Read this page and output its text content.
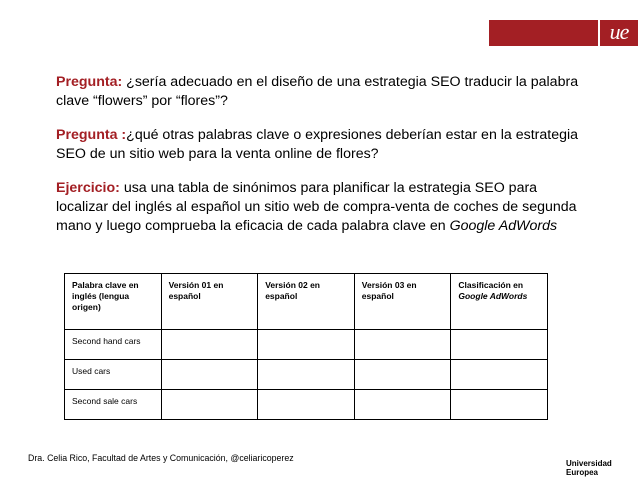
ue

Pregunta: ¿sería adecuado en el diseño de una estrategia SEO traducir la palabra clave “flowers” por “flores”?

Pregunta :¿qué otras palabras clave o expresiones deberían estar en la estrategia SEO de un sitio web para la venta online de flores?

Ejercicio: usa una tabla de sinónimos para planificar la estrategia SEO para localizar del inglés al español un sitio web de compra-venta de coches de segunda mano y luego comprueba la eficacia de cada palabra clave en Google AdWords

Palabra clave en inglés (lengua origen)	Versión 01 en español	Versión 02 en español	Versión 03 en español	Clasificación en
Google AdWords
Second hand cars				
Used cars				
Second sale cars				
Dra. Celia Rico, Facultad de Artes y Comunicación, @celiaricoperez
Universidad Europea
